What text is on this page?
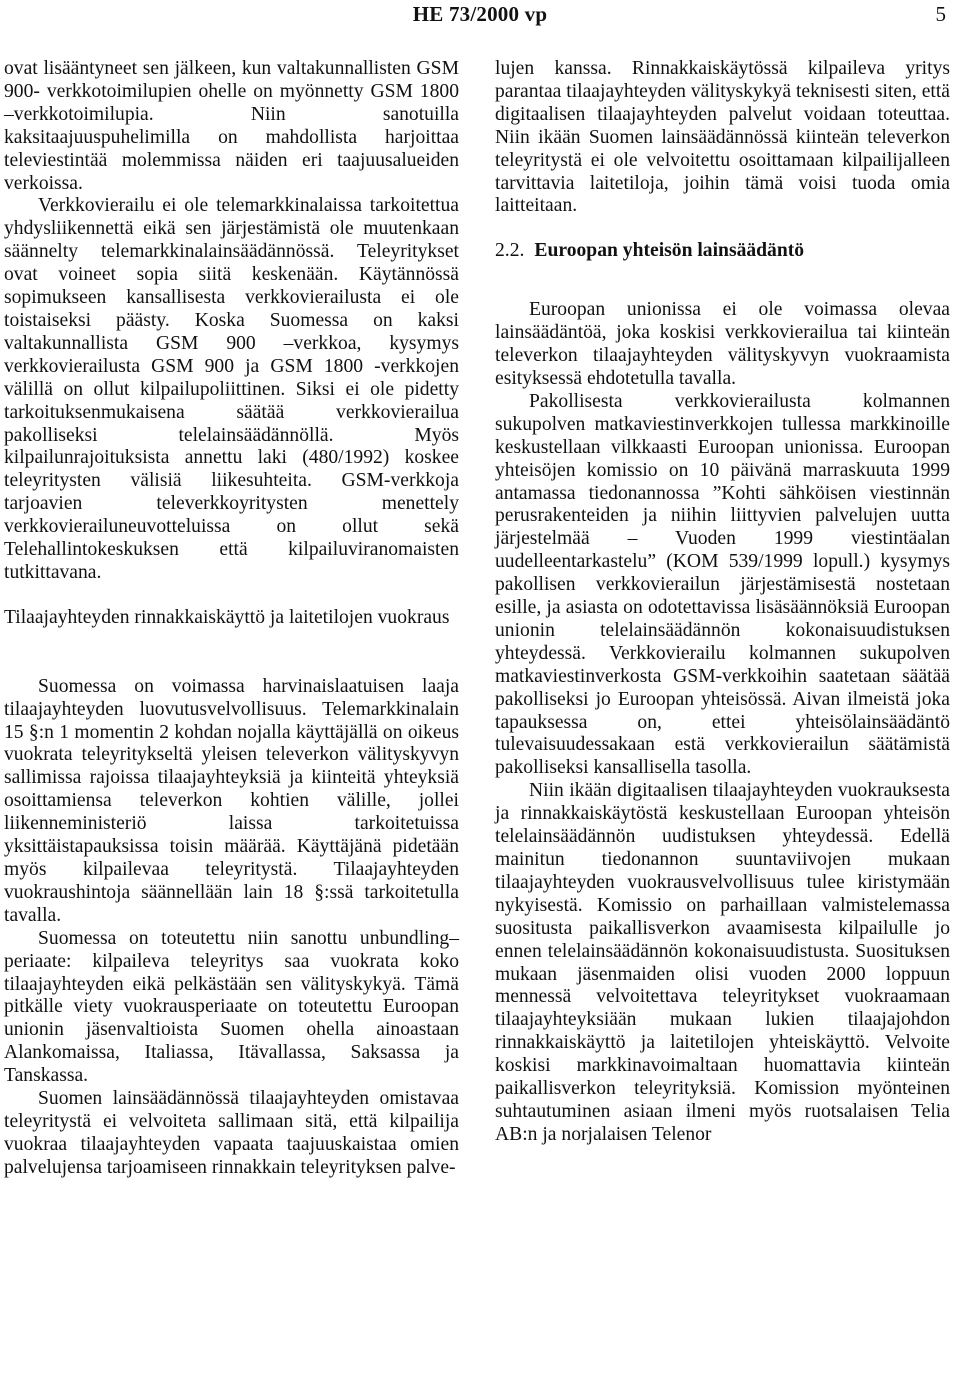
HE 73/2000 vp	5

ovat lisääntyneet sen jälkeen, kun valtakunnallisten GSM 900- verkkotoimilupien ohelle on myönnetty GSM 1800 –verkkotoimilupia. Niin sanotuilla kaksitaajuuspuhelimilla on mahdollista harjoittaa televiestintää molemmissa näiden eri taajuusalueiden verkoissa.

Verkkovierailu ei ole telemarkkinalaissa tarkoitettua yhdysliikennettä eikä sen järjestämistä ole muutenkaan säännelty telemarkkinalainsäädännössä. Teleyritykset ovat voineet sopia siitä keskenään. Käytännössä sopimukseen kansallisesta verkkovierailusta ei ole toistaiseksi päästy. Koska Suomessa on kaksi valtakunnallista GSM 900 –verkkoa, kysymys verkkovierailusta GSM 900 ja GSM 1800 -verkkojen välillä on ollut kilpailupoliittinen. Siksi ei ole pidetty tarkoituksenmukaisena säätää verkkovierailua pakolliseksi telelainsäädännöllä. Myös kilpailunrajoituksista annettu laki (480/1992) koskee teleyritysten välisiä liikesuhteita. GSM-verkkoja tarjoavien televerkkoyritysten menettely verkkovierailuneuvotteluissa on ollut sekä Telehallintokeskuksen että kilpailuviranomaisten tutkittavana.

Tilaajayhteyden rinnakkaiskäyttö ja laitetilojen vuokraus

Suomessa on voimassa harvinaislaatuisen laaja tilaajayhteyden luovutusvelvollisuus. Telemarkkinalain 15 §:n 1 momentin 2 kohdan nojalla käyttäjällä on oikeus vuokrata teleyritykseltä yleisen televerkon välityskyvyn sallimissa rajoissa tilaajayhteyksiä ja kiinteitä yhteyksiä osoittamiensa televerkon kohtien välille, jollei liikenneministeriö laissa tarkoitetuissa yksittäistapauksissa toisin määrää. Käyttäjänä pidetään myös kilpailevaa teleyritystä. Tilaajayhteyden vuokraushintoja säännellään lain 18 §:ssä tarkoitetulla tavalla.

Suomessa on toteutettu niin sanottu unbundling–periaate: kilpaileva teleyritys saa vuokrata koko tilaajayhteyden eikä pelkästään sen välityskykyä. Tämä pitkälle viety vuokrausperiaate on toteutettu Euroopan unionin jäsenvaltioista Suomen ohella ainoastaan Alankomaissa, Italiassa, Itävallassa, Saksassa ja Tanskassa.

Suomen lainsäädännössä tilaajayhteyden omistavaa teleyritystä ei velvoiteta sallimaan sitä, että kilpailija vuokraa tilaajayhteyden vapaata taajuuskaistaa omien palvelujensa tarjoamiseen rinnakkain teleyrityksen palve-

lujen kanssa. Rinnakkaiskäytössä kilpaileva yritys parantaa tilaajayhteyden välityskykyä teknisesti siten, että digitaalisen tilaajayhteyden palvelut voidaan toteuttaa. Niin ikään Suomen lainsäädännössä kiinteän televerkon teleyritystä ei ole velvoitettu osoittamaan kilpailijalleen tarvittavia laitetiloja, joihin tämä voisi tuoda omia laitteitaan.

2.2. Euroopan yhteisön lainsäädäntö

Euroopan unionissa ei ole voimassa olevaa lainsäädäntöä, joka koskisi verkkovierailua tai kiinteän televerkon tilaajayhteyden välityskyvyn vuokraamista esityksessä ehdotetulla tavalla.

Pakollisesta verkkovierailusta kolmannen sukupolven matkaviestinverkkojen tullessa markkinoille keskustellaan vilkkaasti Euroopan unionissa. Euroopan yhteisöjen komissio on 10 päivänä marraskuuta 1999 antamassa tiedonannossa ”Kohti sähköisen viestinnän perusrakenteiden ja niihin liittyvien palvelujen uutta järjestelmää – Vuoden 1999 viestintäalan uudelleentarkastelu” (KOM 539/1999 lopull.) kysymys pakollisen verkkovierailun järjestämisestä nostetaan esille, ja asiasta on odotettavissa lisäsäännöksiä Euroopan unionin telelainsäädännön kokonaisuudistuksen yhteydessä. Verkkovierailu kolmannen sukupolven matkaviestinverkosta GSM-verkkoihin saatetaan säätää pakolliseksi jo Euroopan yhteisössä. Aivan ilmeistä joka tapauksessa on, ettei yhteisölainsäädäntö tulevaisuudessakaan estä verkkovierailun säätämistä pakolliseksi kansallisella tasolla.

Niin ikään digitaalisen tilaajayhteyden vuokrauksesta ja rinnakkaiskäytöstä keskustellaan Euroopan yhteisön telelainsäädännön uudistuksen yhteydessä. Edellä mainitun tiedonannon suuntaviivojen mukaan tilaajayhteyden vuokrausvelvollisuus tulee kiristymään nykyisestä. Komissio on parhaillaan valmistelemassa suositusta paikallisverkon avaamisesta kilpailulle jo ennen telelainsäädännön kokonaisuudistusta. Suosituksen mukaan jäsenmaiden olisi vuoden 2000 loppuun mennessä velvoitettava teleyritykset vuokraamaan tilaajayhteyksiään mukaan lukien tilaajajohdon rinnakkaiskäyttö ja laitetilojen yhteiskäyttö. Velvoite koskisi markkinavoimaltaan huomattavia kiinteän paikallisverkon teleyrityksiä. Komission myönteinen suhtautuminen asiaan ilmeni myös ruotsalaisen Telia AB:n ja norjalaisen Telenor
